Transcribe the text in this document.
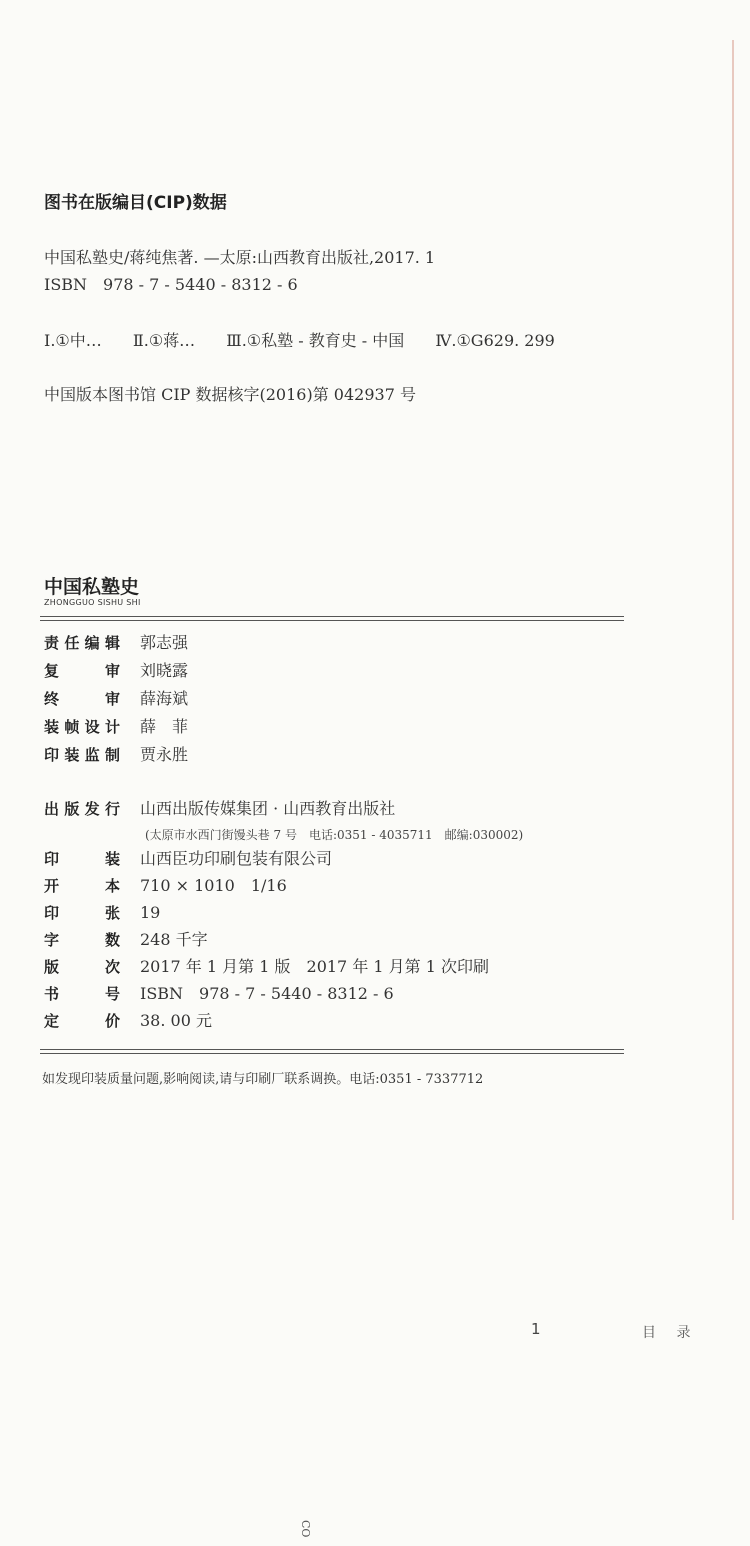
图书在版编目(CIP)数据
中国私塾史/蒋纯焦著. —太原:山西教育出版社,2017. 1
ISBN　978 - 7 - 5440 - 8312 - 6
Ⅰ.①中… Ⅱ.①蒋… Ⅲ.①私塾 - 教育史 - 中国 Ⅳ.①G629. 299
中国版本图书馆 CIP 数据核字(2016)第 042937 号
中国私塾史
ZHONGGUO SISHU SHI
责任编辑 郭志强
复　审 刘晓露
终　审 薛海斌
装帧设计 薛　菲
印装监制 贾永胜
出版发行 山西出版传媒集团 · 山西教育出版社
(太原市水西门街馒头巷 7 号　电话:0351 - 4035711　邮编:030002)
印　装 山西臣功印刷包装有限公司
开　本 710 × 1010　1/16
印　张 19
字　数 248 千字
版　次 2017 年 1 月第 1 版　2017 年 1 月第 1 次印刷
书　号 ISBN　978 - 7 - 5440 - 8312 - 6
定　价 38. 00 元
如发现印装质量问题,影响阅读,请与印刷厂联系调换。电话:0351 - 7337712
1	目 录
CO
